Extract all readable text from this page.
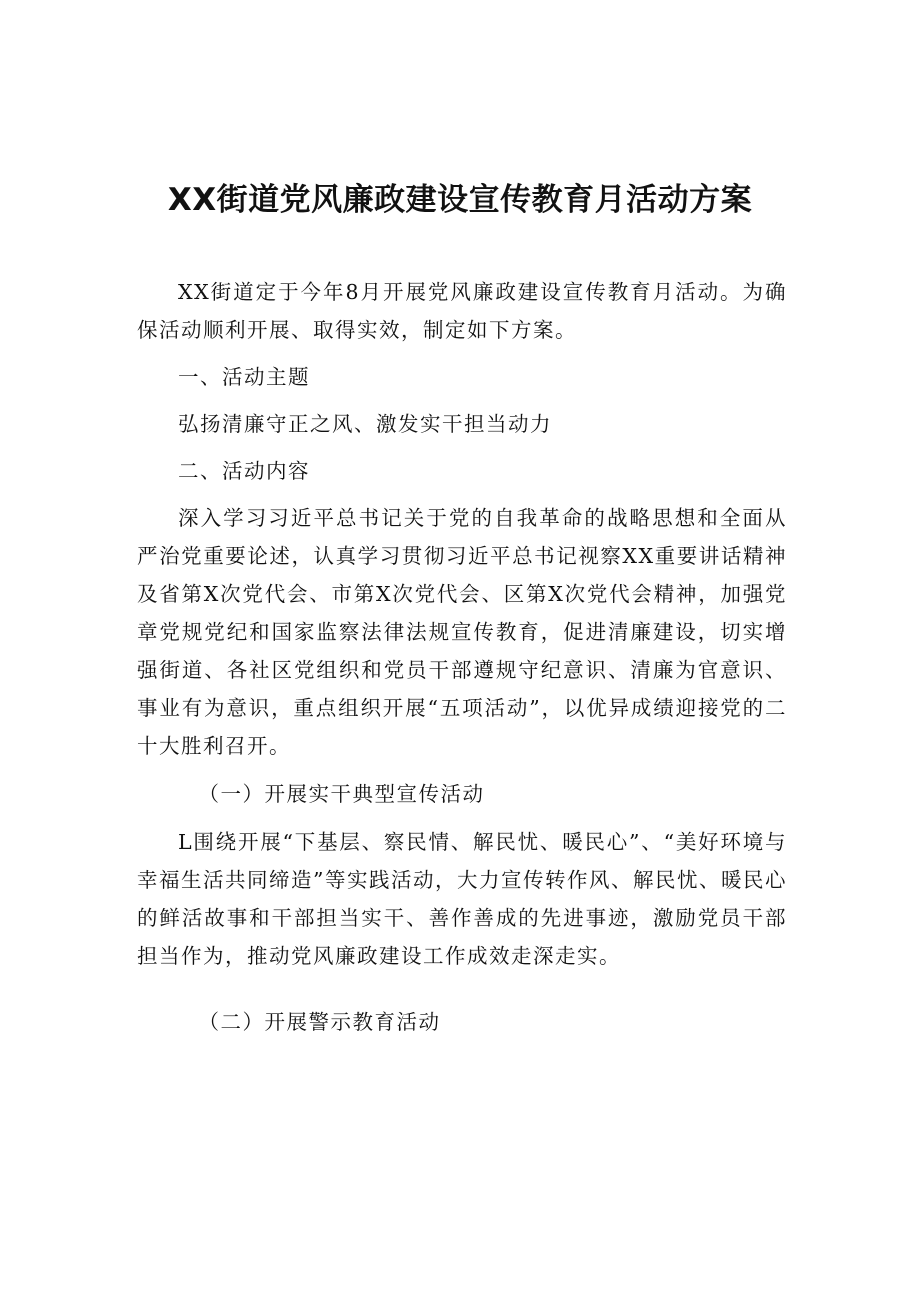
XX街道党风廉政建设宣传教育月活动方案

XX街道定于今年8月开展党风廉政建设宣传教育月活动。为确保活动顺利开展、取得实效，制定如下方案。

一、活动主题

弘扬清廉守正之风、激发实干担当动力

二、活动内容

深入学习习近平总书记关于党的自我革命的战略思想和全面从严治党重要论述，认真学习贯彻习近平总书记视察XX重要讲话精神及省第X次党代会、市第X次党代会、区第X次党代会精神，加强党章党规党纪和国家监察法律法规宣传教育，促进清廉建设，切实增强街道、各社区党组织和党员干部遵规守纪意识、清廉为官意识、事业有为意识，重点组织开展“五项活动”，以优异成绩迎接党的二十大胜利召开。

（一）开展实干典型宣传活动

L围绕开展“下基层、察民情、解民忧、暖民心”、“美好环境与幸福生活共同缔造”等实践活动，大力宣传转作风、解民忧、暖民心的鲜活故事和干部担当实干、善作善成的先进事迹，激励党员干部担当作为，推动党风廉政建设工作成效走深走实。

（二）开展警示教育活动
